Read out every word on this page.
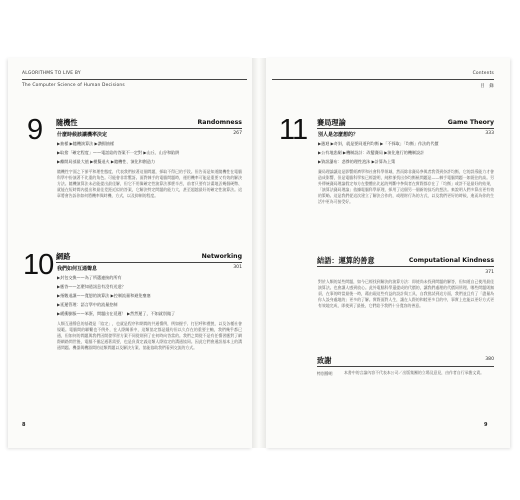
ALGORITHMS TO LIVE BY
The Computer Science of Human Decisions
9 隨機性	Randomness
什麼時候該讓機率決定	267
▶抽樣 ▶隨機演算法 ▶讚揚抽樣
▶取捨「確定程度」——電話給的答案不一定對 ▶山丘、山谷和陷阱
▶離開局部最大值 ▶模擬退火 ▶隨機性、演化和創造力

隨機性字面之下卻平和理性態度，代表我們按著這個問題，採取不得已的手段。但告而是知道隨機性在電腦科學中扮演著不比重的角色。可能會非常驚訝。面對棘手的電腦問題時，運用機率可能是重要又有效的解決方法。隨機演算法未必能提出最佳解，但它不用像確定性演算法那麼辛苦，前者只要有計畫地丟幾個硬幣、就能在短時間內提出和最佳差距近似的答案，它解決特定問題的能力大，甚至超越最好的確定性演算法。這章將會告訴你如何將機率與時機、方式，以及抑制的程度。

10 網路	Networking
我們如何互通聲息	301
▶封包交換——為了所選連接的所有
▶應答——怎麼知道訊息有沒有送達？
▶指數退讓——寬恕的演算法 ▶控制流量和避免壅塞
▶延遲管理：語言學中的流量控制
▶緩衝膨脹——笨蛋，問題出在延遲！ ▶然然遲了，不如就別做了

人類互通聲息的基礎是「協定」，也就是程序和期間的共通慣例，例如握手、打招呼和禮貌，以及各種社會規範。電腦間的聯繫也不例外，在人際關係中，這類協定都是隱約但以久存在的重要主軸，我們幾乎都已通，但如何的問題與我們因開發學習方案不同從則到了在何時向答當的。我們之間從不是有任慣習應對了網際網路問世後，電腦不僅記通著需要，也是負責定義這類人際協定的溝通協同。因此它們會通訊基本上的溝通問題。機器與機器間的這類問題以及解決方案、協能協助我們看到交流的方式。

8
Contents
目　錄
11 賽局理論	Game Theory
別人是怎麼想的？	333
▶遞迴 ▶奇斜，就是要同道到均衡 ▶「不採取」「均衡」作法的代價
▶公有地悲劇 ▶機制設計：改變賽局 ▶演化進行的機制設計
▶資訊瀑布：悲慘的理性泡沫 ▶計算為上策

賽局理論讓這是影響經濟學和社會科學領域，然而除非賽局參與者我得到奈許均衡，它的誤導能力才會造成影響，但是電腦科學家已經證明，純粹卻找出奈均衡極問題是——棘手電腦問題一如既往的高。另外傳統賽局理論假定每方在整體出比起的判斷中參與者在實際都存在了「均衡」或許不是最好的結果，「演算法賽局理論」依據電腦科學原理，採用了這個另一個新的技巧的想法。來說明人們多算出更有效的策略。這是我們從這次建立了解決合作的，或理財行為的方式，以及我們更好的時候，進而為你的生活中更為可接受好。

結語：運算的善意	Computational Kindness
371

對於人類的某些問題，如今已經找到解決的演算方法：即使尚未找到問題的解答，但知道自己使用最佳演算法。也會讓人感到放心。此外電腦科學還提成的代價的，讓我們處理的代價同所理。哪些問題則無須，在事的時當最後一時，藉由現這些有益的設計與工具，自我嘗試到這方面，我們並且有了「盡量為你人設身處地的」更多的了解。實際面對人生，讓在人際的和睦更多目的中，事實上也能以更好方式更有效地完成，即使到了最後，它們給予我們十分寬容的善意。

致謝	380
特別聲明	本書中的言論內容不代表本公司／出版集團的立場及意見，由作者自行承擔文責。

9
